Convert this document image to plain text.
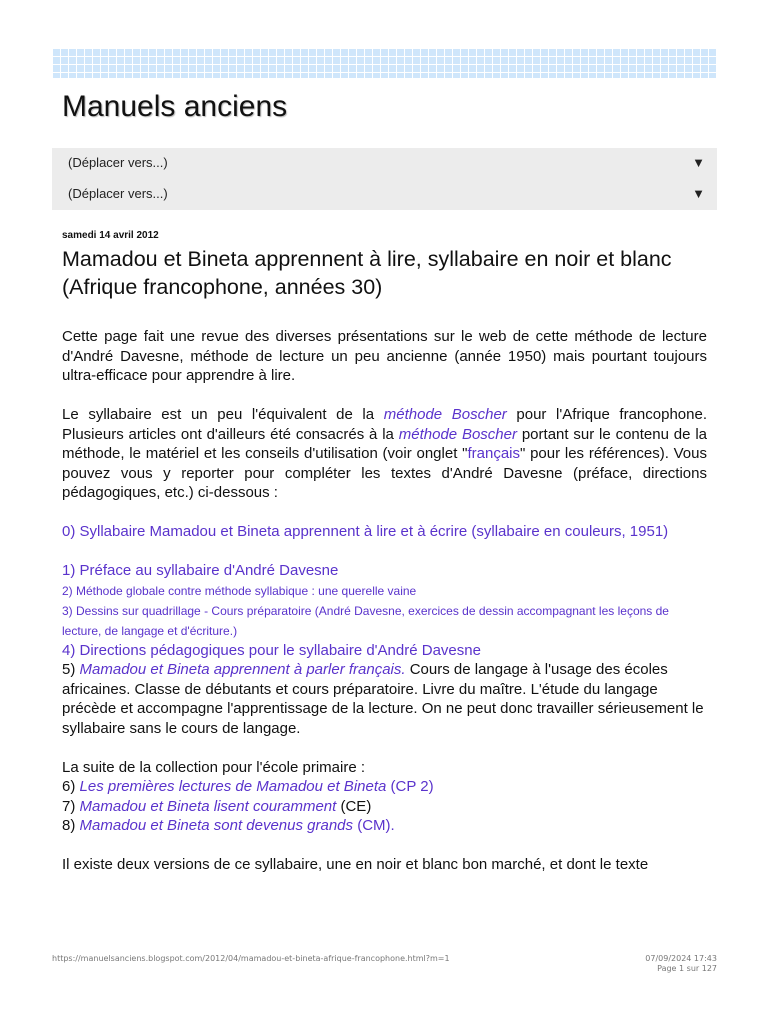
Manuels anciens
(Déplacer vers...)	▼
(Déplacer vers...)	▼
samedi 14 avril 2012
Mamadou et Bineta apprennent à lire, syllabaire en noir et blanc (Afrique francophone, années 30)

Cette page fait une revue des diverses présentations sur le web de cette méthode de lecture d'André Davesne, méthode de lecture un peu ancienne (année 1950) mais pourtant toujours ultra-efficace pour apprendre à lire.

Le syllabaire est un peu l'équivalent de la méthode Boscher pour l'Afrique francophone. Plusieurs articles ont d'ailleurs été consacrés à la méthode Boscher portant sur le contenu de la méthode, le matériel et les conseils d'utilisation (voir onglet "français" pour les références). Vous pouvez vous y reporter pour compléter les textes d'André Davesne (préface, directions pédagogiques, etc.) ci-dessous :

0) Syllabaire Mamadou et Bineta apprennent à lire et à écrire (syllabaire en couleurs, 1951)

1) Préface au syllabaire d'André Davesne
2) Méthode globale contre méthode syllabique : une querelle vaine
3) Dessins sur quadrillage - Cours préparatoire (André Davesne, exercices de dessin accompagnant les leçons de lecture, de langage et d'écriture.)
4) Directions pédagogiques pour le syllabaire d'André Davesne
5) Mamadou et Bineta apprennent à parler français. Cours de langage à l'usage des écoles africaines. Classe de débutants et cours préparatoire. Livre du maître. L'étude du langage précède et accompagne l'apprentissage de la lecture. On ne peut donc travailler sérieusement le syllabaire sans le cours de langage.

La suite de la collection pour l'école primaire :
6) Les premières lectures de Mamadou et Bineta (CP 2)
7) Mamadou et Bineta lisent couramment (CE)
8) Mamadou et Bineta sont devenus grands (CM).

Il existe deux versions de ce syllabaire, une en noir et blanc bon marché, et dont le texte

https://manuelsanciens.blogspot.com/2012/04/mamadou-et-bineta-afrique-francophone.html?m=1	07/09/2024 17:43
Page 1 sur 127
